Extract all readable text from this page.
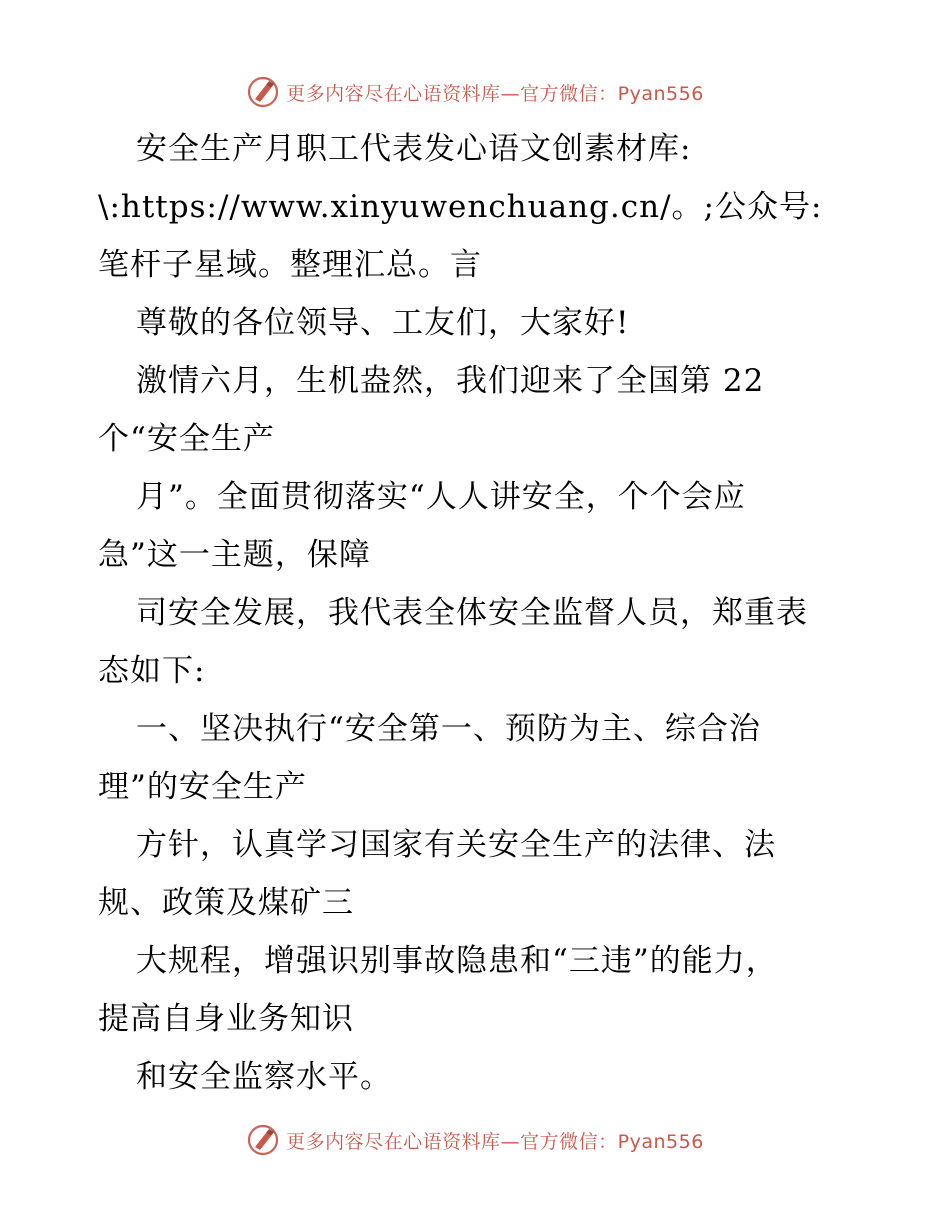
更多内容尽在心语资料库—官方微信：Pyan556
安全生产月职工代表发心语文创素材库:
\:https://www.xinyuwenchuang.cn/。;公众号:
笔杆子星域。整理汇总。言
尊敬的各位领导、工友们，大家好!
激情六月，生机盎然，我们迎来了全国第 22
个“安全生产
月”。全面贯彻落实“人人讲安全，个个会应
急”这一主题，保障
司安全发展，我代表全体安全监督人员，郑重表
态如下:
一、坚决执行“安全第一、预防为主、综合治
理”的安全生产
方针，认真学习国家有关安全生产的法律、法
规、政策及煤矿三
大规程，增强识别事故隐患和“三违”的能力，
提高自身业务知识
和安全监察水平。
更多内容尽在心语资料库—官方微信：Pyan556
